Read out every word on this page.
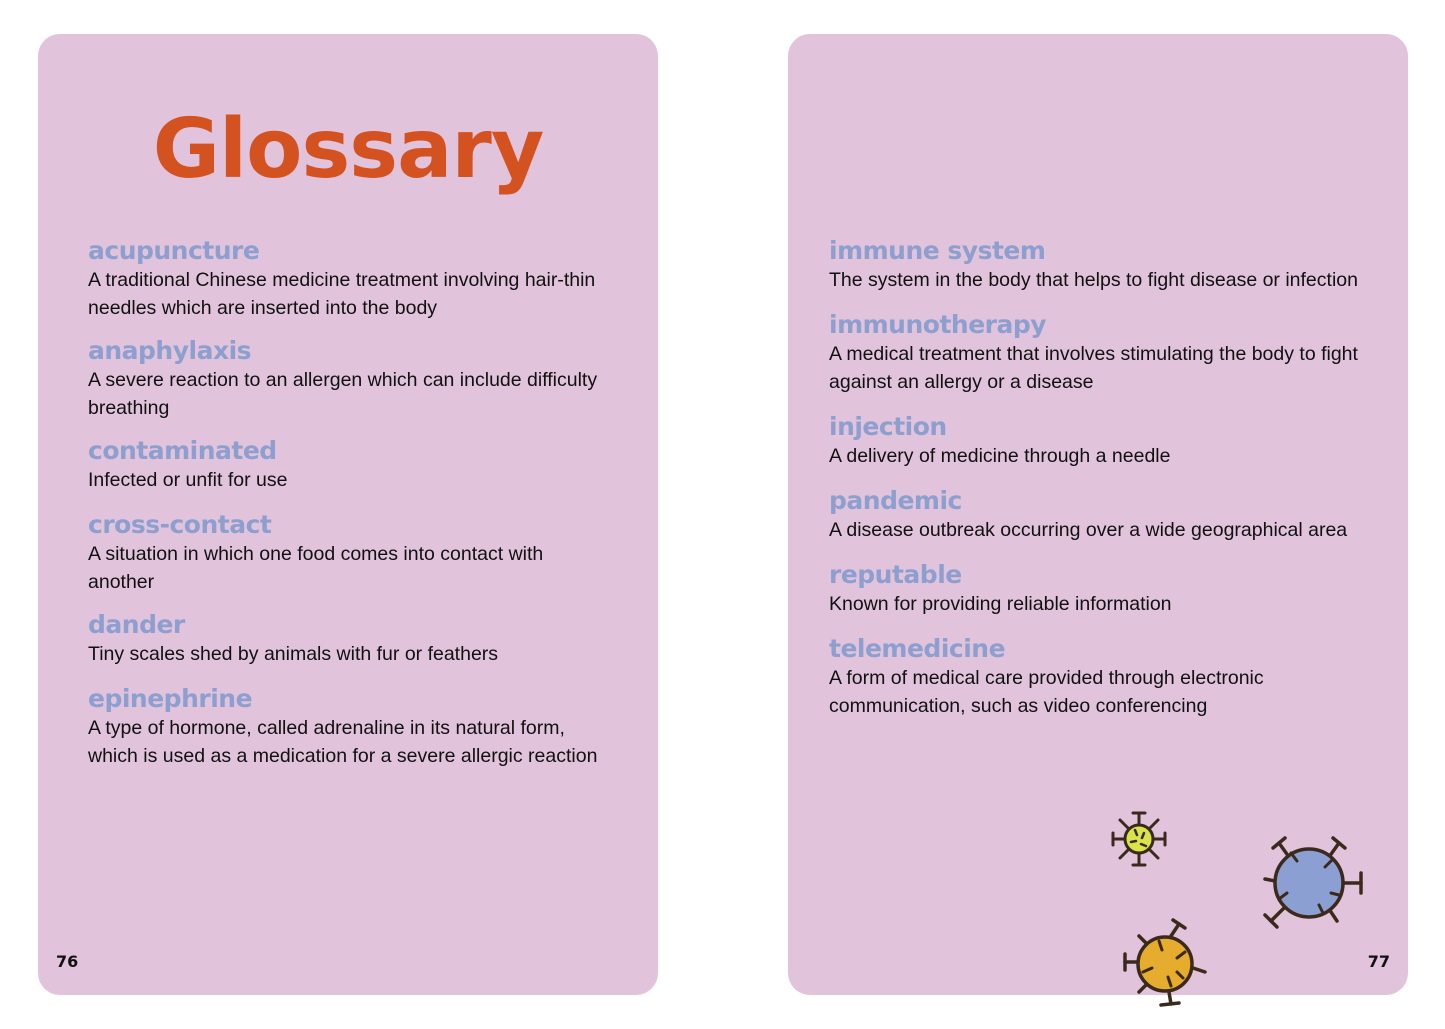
Glossary

acupuncture

A traditional Chinese medicine treatment involving hair-thin needles which are inserted into the body

anaphylaxis

A severe reaction to an allergen which can include difficulty breathing

contaminated

Infected or unfit for use

cross-contact

A situation in which one food comes into contact with another

dander

Tiny scales shed by animals with fur or feathers

epinephrine

A type of hormone, called adrenaline in its natural form, which is used as a medication for a severe allergic reaction

76

immune system

The system in the body that helps to fight disease or infection

immunotherapy

A medical treatment that involves stimulating the body to fight against an allergy or a disease

injection

A delivery of medicine through a needle

pandemic

A disease outbreak occurring over a wide geographical area

reputable

Known for providing reliable information

telemedicine

A form of medical care provided through electronic communication, such as video conferencing

77
